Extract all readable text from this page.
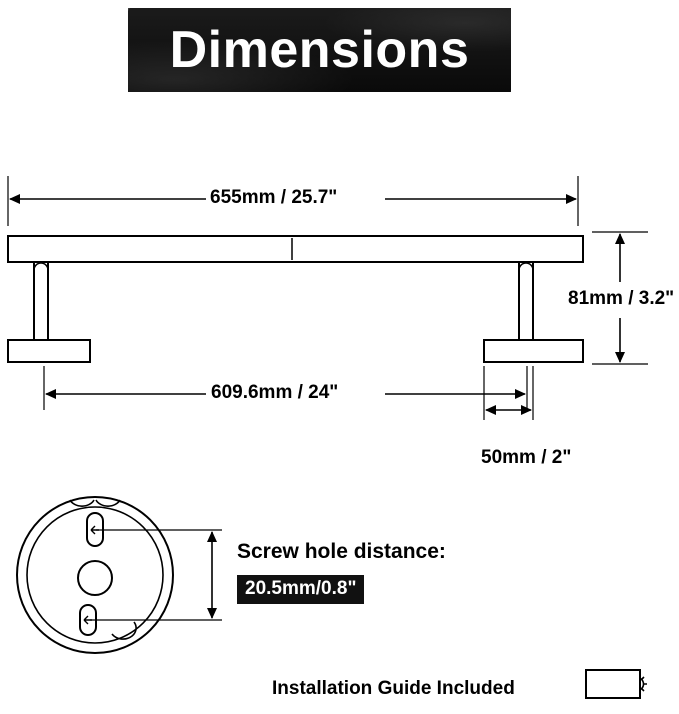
Dimensions
655mm / 25.7"
81mm / 3.2"
609.6mm / 24"
50mm / 2"
Screw hole distance:
20.5mm/0.8"
Installation Guide Included
